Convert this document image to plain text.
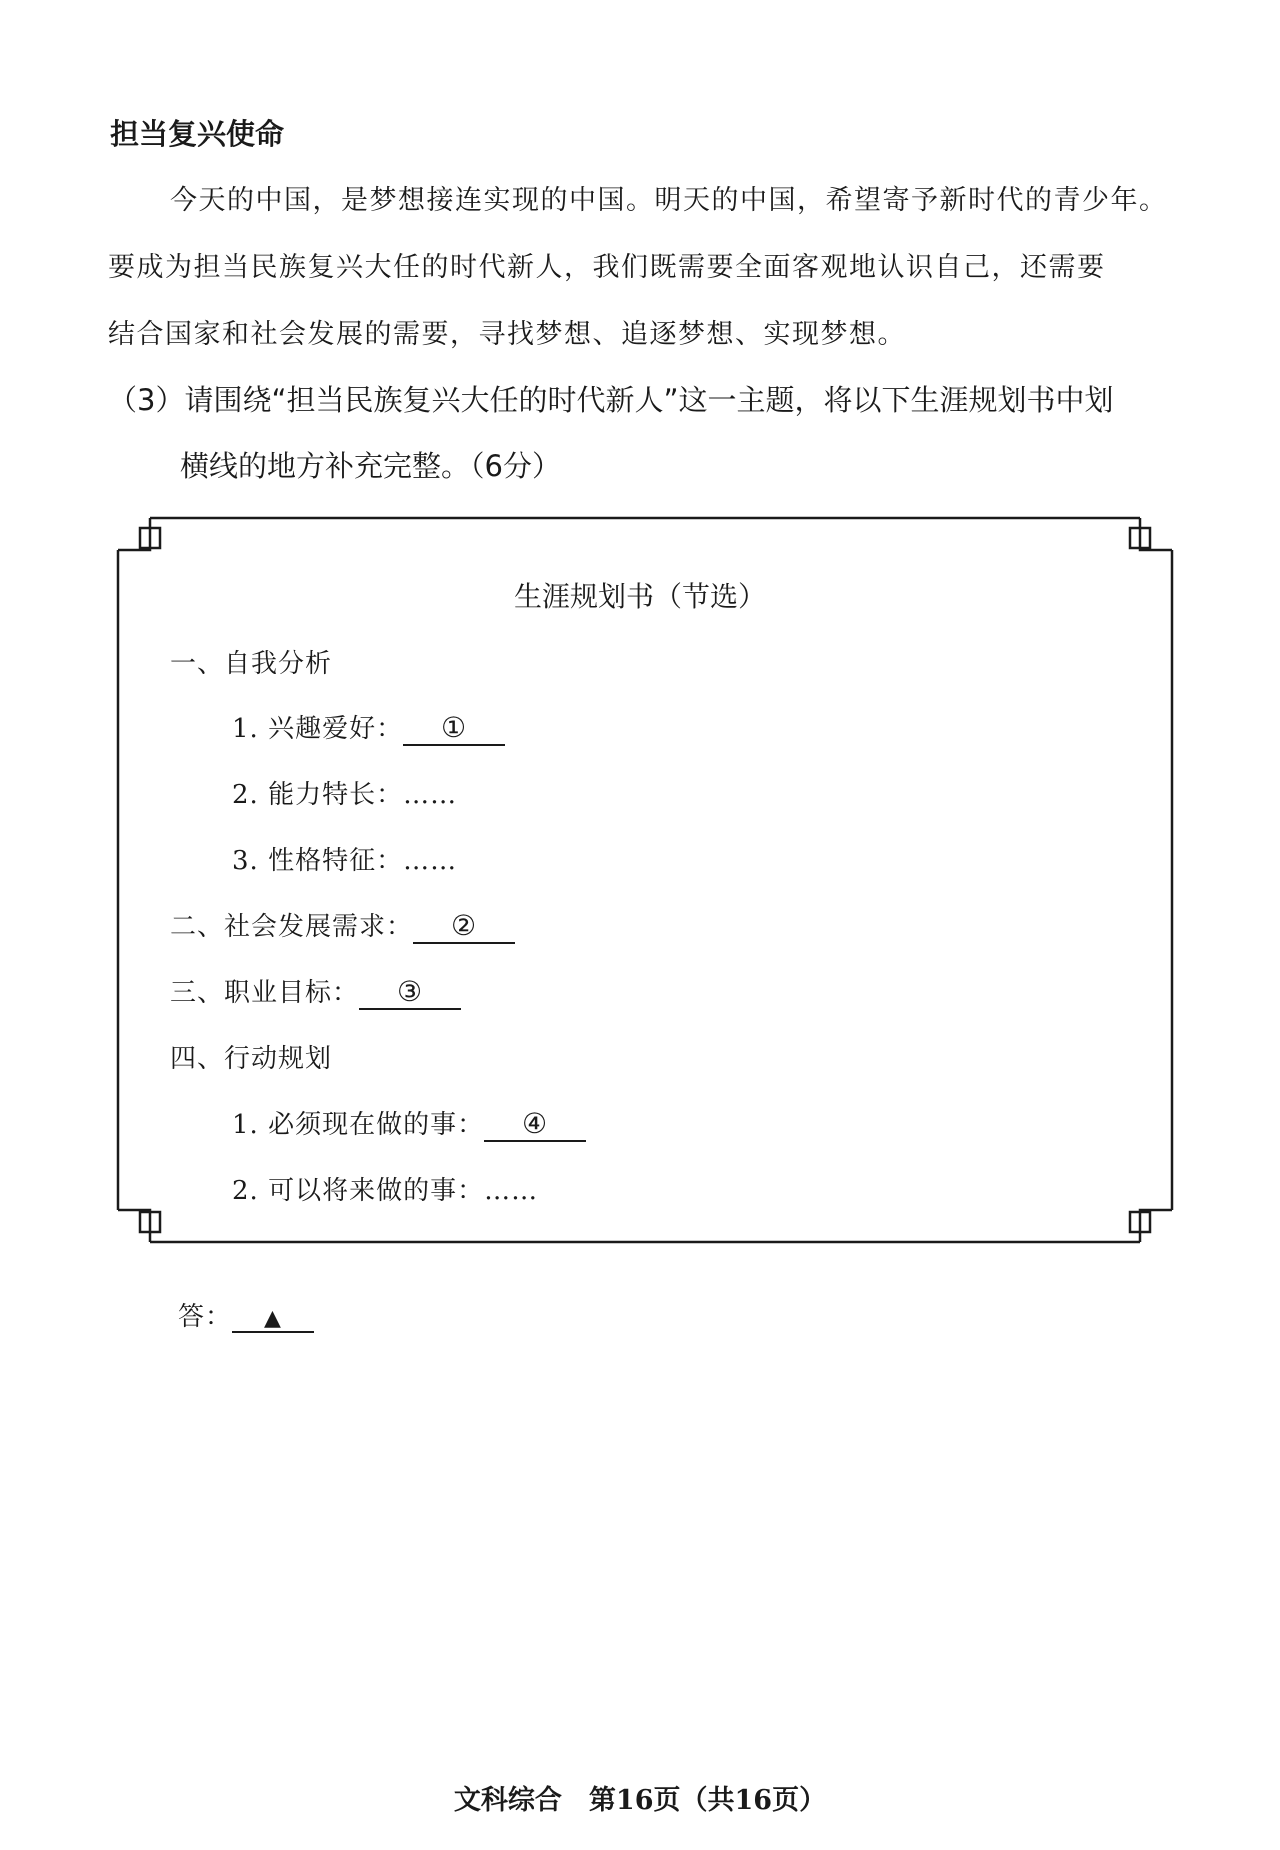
担当复兴使命
今天的中国，是梦想接连实现的中国。明天的中国，希望寄予新时代的青少年。
要成为担当民族复兴大任的时代新人，我们既需要全面客观地认识自己，还需要
结合国家和社会发展的需要，寻找梦想、追逐梦想、实现梦想。
（3）请围绕“担当民族复兴大任的时代新人”这一主题，将以下生涯规划书中划
横线的地方补充完整。（6分）
生涯规划书（节选）
一、自我分析
1. 兴趣爱好： ①
2. 能力特长：……
3. 性格特征：……
二、社会发展需求： ②
三、职业目标： ③
四、行动规划
1. 必须现在做的事： ④
2. 可以将来做的事：……
答： ▲
文科综合　第16页（共16页）
